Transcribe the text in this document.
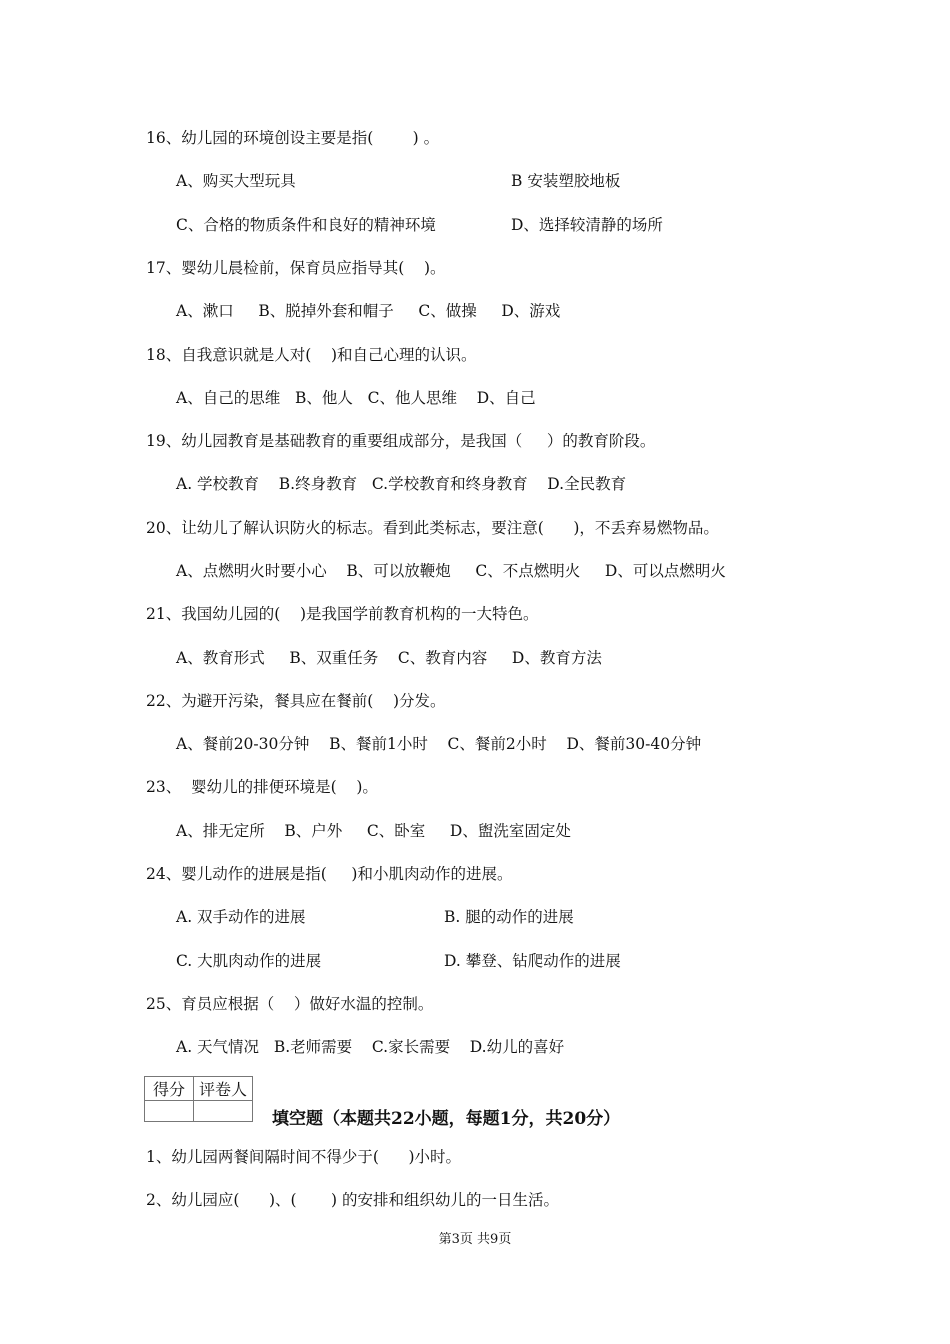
16、幼儿园的环境创设主要是指(        ) 。
A、购买大型玩具	B 安装塑胶地板
C、合格的物质条件和良好的精神环境	D、选择较清静的场所
17、婴幼儿晨检前，保育员应指导其(    )。
A、漱口     B、脱掉外套和帽子     C、做操     D、游戏
18、自我意识就是人对(    )和自己心理的认识。
A、自己的思维   B、他人   C、他人思维    D、自己
19、幼儿园教育是基础教育的重要组成部分，是我国（     ）的教育阶段。
A. 学校教育    B.终身教育   C.学校教育和终身教育    D.全民教育
20、让幼儿了解认识防火的标志。看到此类标志，要注意(      )，不丢弃易燃物品。
A、点燃明火时要小心    B、可以放鞭炮     C、不点燃明火     D、可以点燃明火
21、我国幼儿园的(    )是我国学前教育机构的一大特色。
A、教育形式     B、双重任务    C、教育内容     D、教育方法
22、为避开污染，餐具应在餐前(    )分发。
A、餐前20-30分钟    B、餐前1小时    C、餐前2小时    D、餐前30-40分钟
23、  婴幼儿的排便环境是(    )。
A、排无定所    B、户外     C、卧室     D、盥洗室固定处
24、婴儿动作的进展是指(     )和小肌肉动作的进展。
A. 双手动作的进展	B. 腿的动作的进展
C. 大肌肉动作的进展	D. 攀登、钻爬动作的进展
25、育员应根据（    ）做好水温的控制。
A. 天气情况   B.老师需要    C.家长需要    D.幼儿的喜好
得分	评卷人

填空题（本题共22小题，每题1分，共20分）
1、幼儿园两餐间隔时间不得少于(      )小时。
2、幼儿园应(      )、(       ) 的安排和组织幼儿的一日生活。
第3页 共9页
